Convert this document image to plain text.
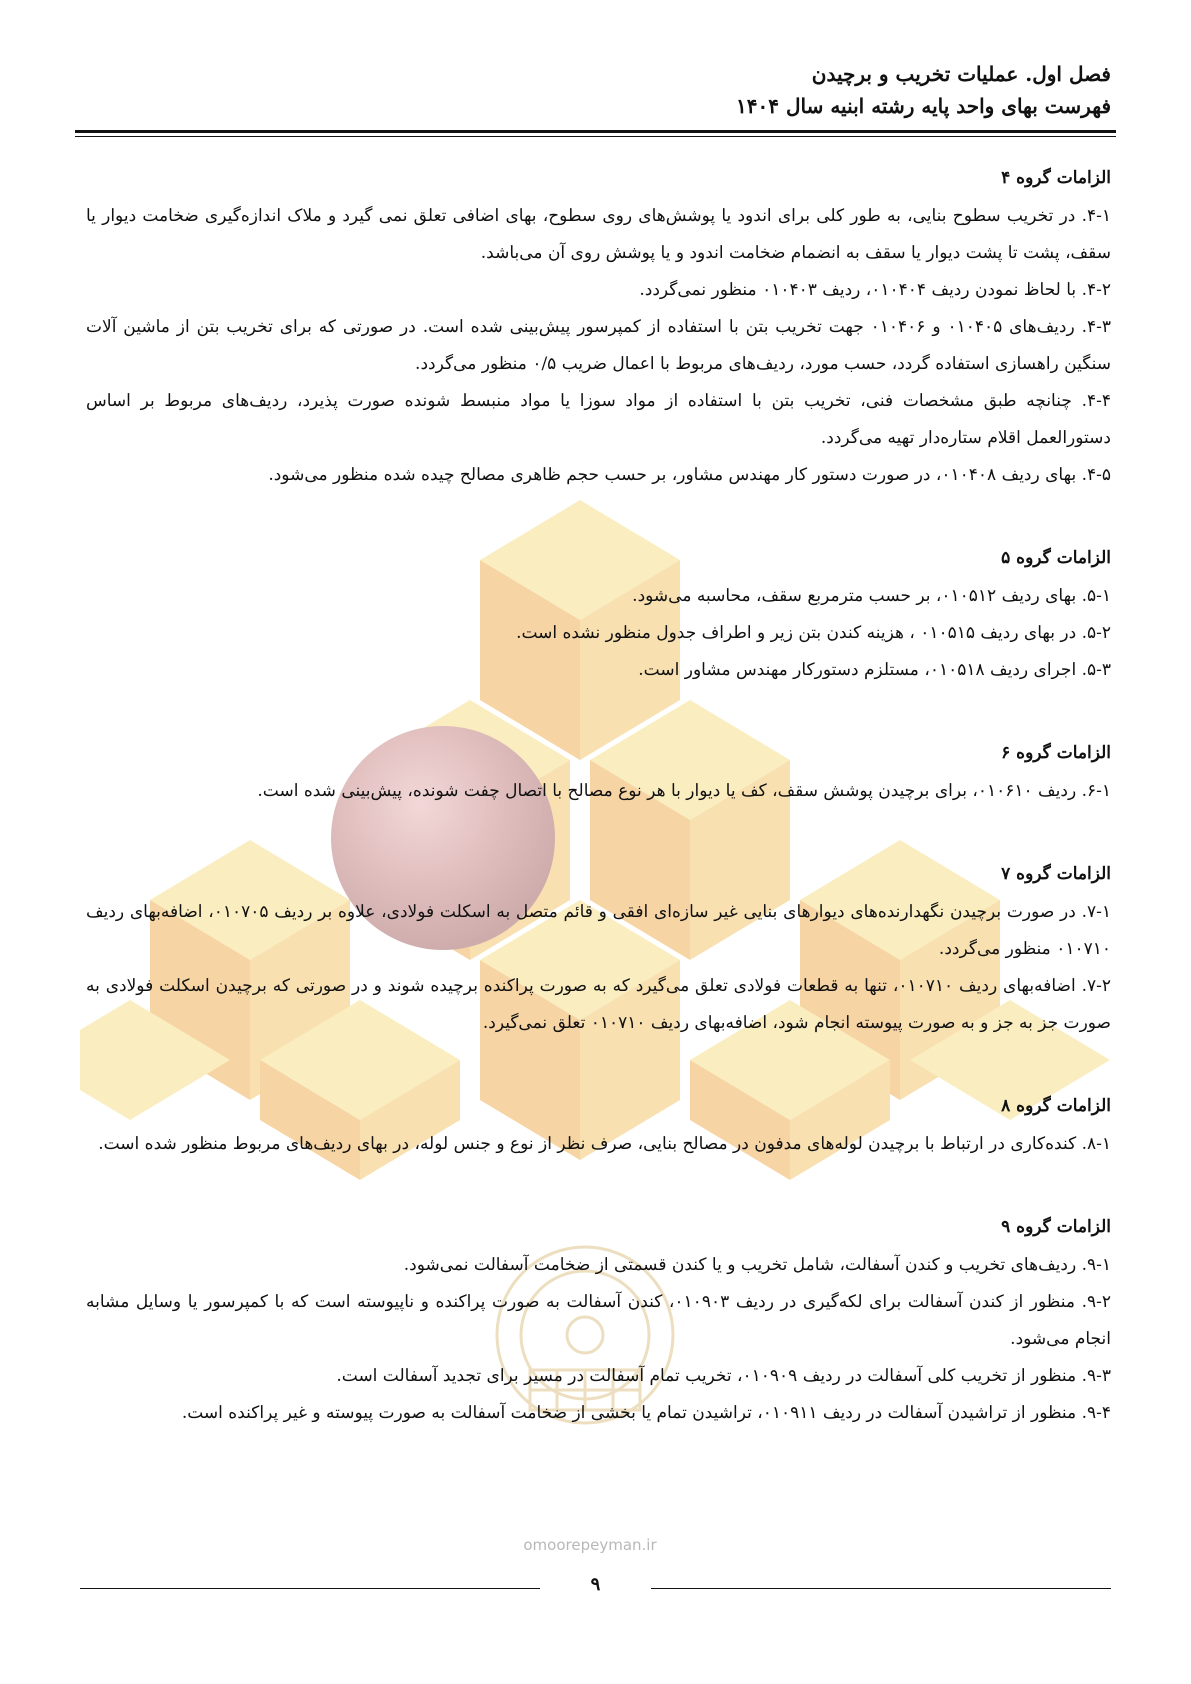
omoorepeyman.ir
فصل اول. عملیات تخریب و برچیدن
فهرست بهای واحد پایه رشته ابنیه سال ۱۴۰۴
الزامات گروه ۴

۴-۱. در تخریب سطوح بنایی، به طور کلی برای اندود یا پوشش‌های روی سطوح، بهای اضافی تعلق نمی گیرد و ملاک اندازه‌گیری ضخامت دیوار یا سقف، پشت تا پشت دیوار یا سقف به انضمام ضخامت اندود و یا پوشش روی آن می‌باشد.

۴-۲. با لحاظ نمودن ردیف ۰۱۰۴۰۴، ردیف ۰۱۰۴۰۳ منظور نمی‌گردد.

۴-۳. ردیف‌های ۰۱۰۴۰۵ و ۰۱۰۴۰۶ جهت تخریب بتن با استفاده از کمپرسور پیش‌بینی شده است. در صورتی که برای تخریب بتن از ماشین آلات سنگین راهسازی استفاده گردد، حسب مورد، ردیف‌های مربوط با اعمال ضریب ۰/۵ منظور می‌گردد.

۴-۴. چنانچه طبق مشخصات فنی، تخریب بتن با استفاده از مواد سوزا یا مواد منبسط شونده صورت پذیرد، ردیف‌های مربوط بر اساس دستورالعمل اقلام ستاره‌دار تهیه می‌گردد.

۴-۵. بهای ردیف ۰۱۰۴۰۸، در صورت دستور کار مهندس مشاور، بر حسب حجم ظاهری مصالح چیده شده منظور می‌شود.

الزامات گروه ۵

۵-۱. بهای ردیف ۰۱۰۵۱۲، بر حسب مترمربع سقف، محاسبه می‌شود.

۵-۲. در بهای ردیف ۰۱۰۵۱۵ ، هزینه کندن بتن زیر و اطراف جدول منظور نشده است.

۵-۳. اجرای ردیف ۰۱۰۵۱۸، مستلزم دستورکار مهندس مشاور است.

الزامات گروه ۶

۶-۱. ردیف ۰۱۰۶۱۰، برای برچیدن پوشش سقف، کف یا دیوار با هر نوع مصالح با اتصال چفت شونده، پیش‌بینی شده است.

الزامات گروه ۷

۷-۱. در صورت برچیدن نگهدارنده‌های دیوارهای بنایی غیر سازه‌ای افقی و قائم متصل به اسکلت فولادی، علاوه بر ردیف ۰۱۰۷۰۵، اضافه‌بهای ردیف ۰۱۰۷۱۰ منظور می‌گردد.

۷-۲. اضافه‌بهای ردیف ۰۱۰۷۱۰، تنها به قطعات فولادی تعلق می‌گیرد که به صورت پراکنده برچیده شوند و در صورتی که برچیدن اسکلت فولادی به صورت جز به جز و به صورت پیوسته انجام شود، اضافه‌بهای ردیف ۰۱۰۷۱۰ تعلق نمی‌گیرد.

الزامات گروه ۸

۸-۱. کنده‌کاری در ارتباط با برچیدن لوله‌های مدفون در مصالح بنایی، صرف نظر از نوع و جنس لوله، در بهای ردیف‌های مربوط منظور شده است.

الزامات گروه ۹

۹-۱. ردیف‌های تخریب و کندن آسفالت، شامل تخریب و یا کندن قسمتی از ضخامت آسفالت نمی‌شود.

۹-۲. منظور از کندن آسفالت برای لکه‌گیری در ردیف ۰۱۰۹۰۳، کندن آسفالت به صورت پراکنده و ناپیوسته است که با کمپرسور یا وسایل مشابه انجام می‌شود.

۹-۳. منظور از تخریب کلی آسفالت در ردیف ۰۱۰۹۰۹، تخریب تمام آسفالت در مسیر برای تجدید آسفالت است.

۹-۴. منظور از تراشیدن آسفالت در ردیف ۰۱۰۹۱۱، تراشیدن تمام یا بخشی از ضخامت آسفالت به صورت پیوسته و غیر پراکنده است.

۹
